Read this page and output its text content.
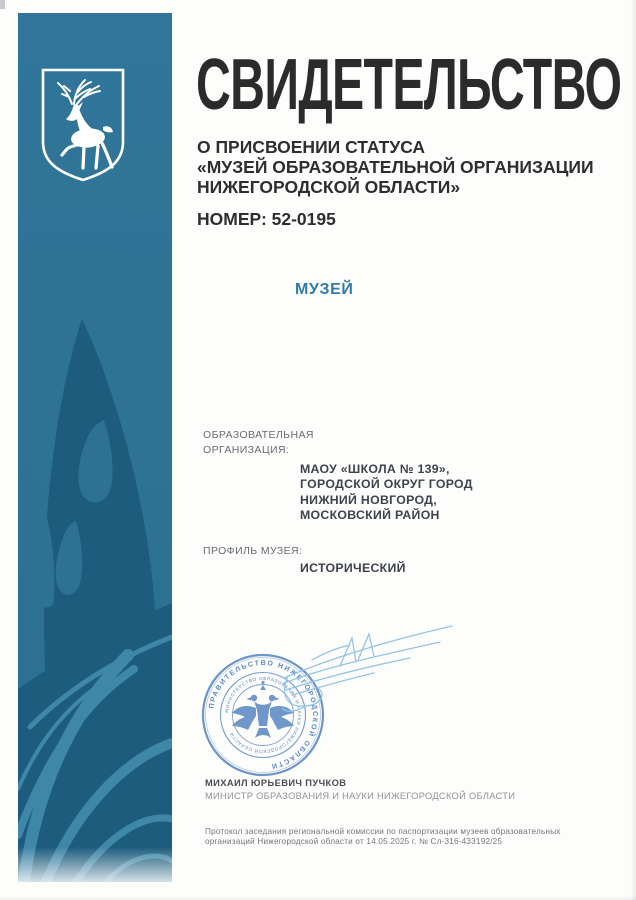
СВИДЕТЕЛЬСТВО
О ПРИСВОЕНИИ СТАТУСА
«МУЗЕЙ ОБРАЗОВАТЕЛЬНОЙ ОРГАНИЗАЦИИ
НИЖЕГОРОДСКОЙ ОБЛАСТИ»
НОМЕР: 52-0195
МУЗЕЙ
ОБРАЗОВАТЕЛЬНАЯ
ОРГАНИЗАЦИЯ:
МАОУ «ШКОЛА № 139»,
ГОРОДСКОЙ ОКРУГ ГОРОД
НИЖНИЙ НОВГОРОД,
МОСКОВСКИЙ РАЙОН
ПРОФИЛЬ МУЗЕЯ:
ИСТОРИЧЕСКИЙ
ПРАВИТЕЛЬСТВО НИЖЕГОРОДСКОЙ ОБЛАСТИ
МИНИСТЕРСТВО ОБРАЗОВАНИЯ И НАУКИ НИЖЕГОРОДСКОЙ ОБЛАСТИ
МИХАИЛ ЮРЬЕВИЧ ПУЧКОВ
МИНИСТР ОБРАЗОВАНИЯ И НАУКИ НИЖЕГОРОДСКОЙ ОБЛАСТИ
Протокол заседания региональной комиссии по паспортизации музеев образовательных
организаций Нижегородской области от 14.05.2025 г. № Сл-316-433192/25
